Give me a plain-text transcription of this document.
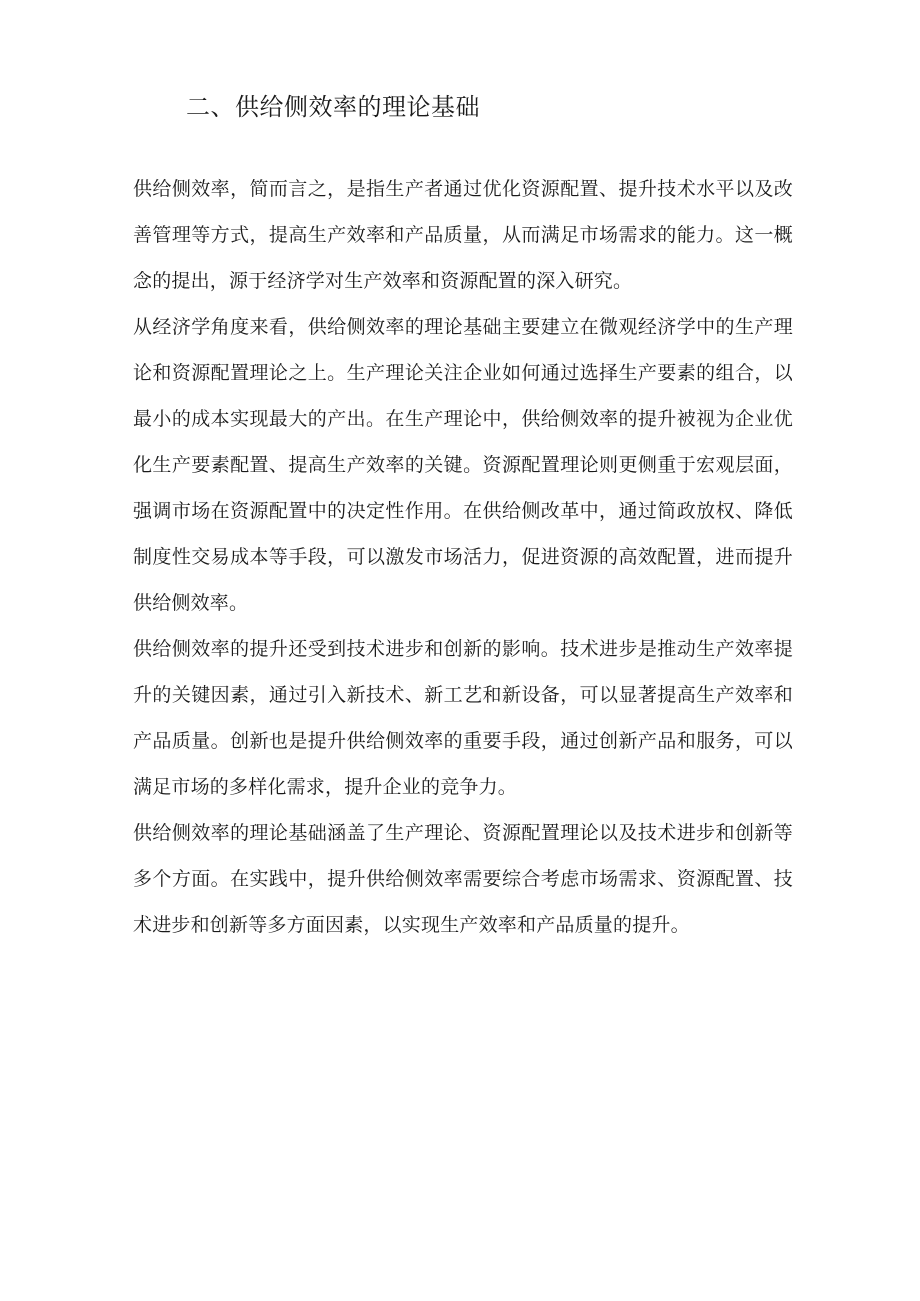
二、供给侧效率的理论基础

供给侧效率，简而言之，是指生产者通过优化资源配置、提升技术水平以及改善管理等方式，提高生产效率和产品质量，从而满足市场需求的能力。这一概念的提出，源于经济学对生产效率和资源配置的深入研究。

从经济学角度来看，供给侧效率的理论基础主要建立在微观经济学中的生产理论和资源配置理论之上。生产理论关注企业如何通过选择生产要素的组合，以最小的成本实现最大的产出。在生产理论中，供给侧效率的提升被视为企业优化生产要素配置、提高生产效率的关键。资源配置理论则更侧重于宏观层面，强调市场在资源配置中的决定性作用。在供给侧改革中，通过简政放权、降低制度性交易成本等手段，可以激发市场活力，促进资源的高效配置，进而提升供给侧效率。

供给侧效率的提升还受到技术进步和创新的影响。技术进步是推动生产效率提升的关键因素，通过引入新技术、新工艺和新设备，可以显著提高生产效率和产品质量。创新也是提升供给侧效率的重要手段，通过创新产品和服务，可以满足市场的多样化需求，提升企业的竞争力。

供给侧效率的理论基础涵盖了生产理论、资源配置理论以及技术进步和创新等多个方面。在实践中，提升供给侧效率需要综合考虑市场需求、资源配置、技术进步和创新等多方面因素，以实现生产效率和产品质量的提升。
